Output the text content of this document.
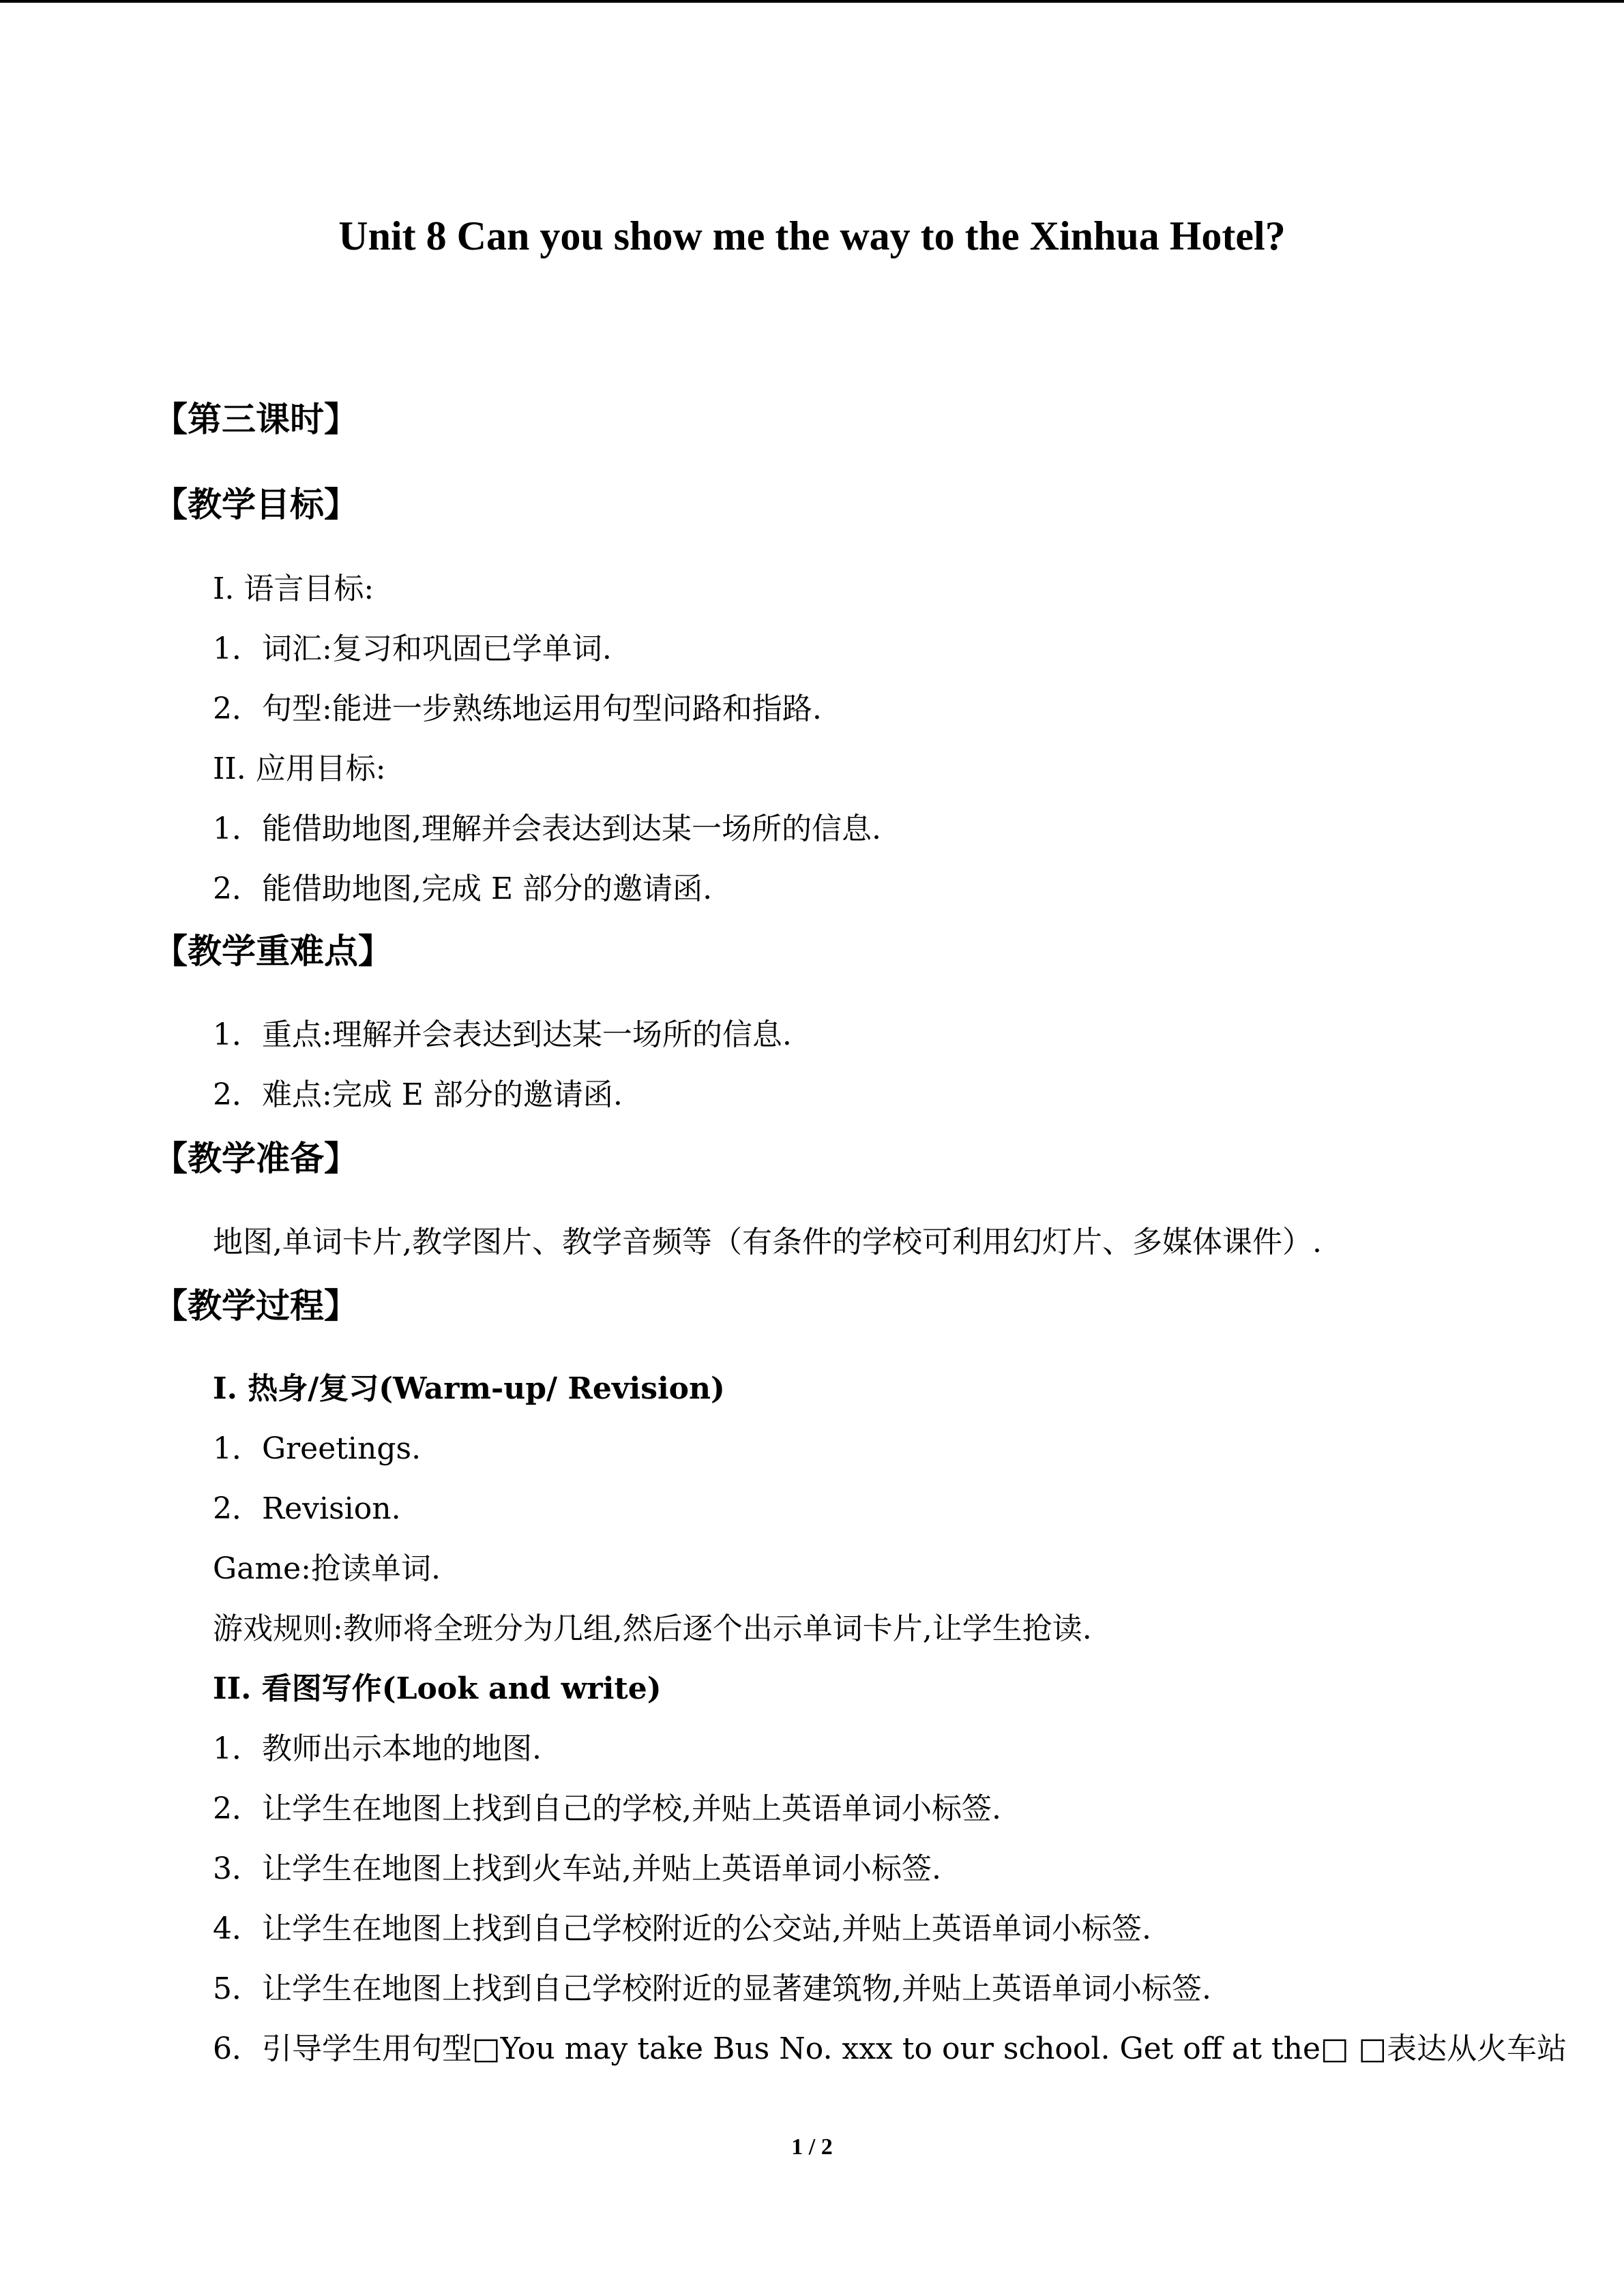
Unit 8 Can you show me the way to the Xinhua Hotel?
【第三课时】
【教学目标】
I. 语言目标:
1．词汇:复习和巩固已学单词.
2．句型:能进一步熟练地运用句型问路和指路.
II. 应用目标:
1．能借助地图,理解并会表达到达某一场所的信息.
2．能借助地图,完成 E 部分的邀请函.
【教学重难点】
1．重点:理解并会表达到达某一场所的信息.
2．难点:完成 E 部分的邀请函.
【教学准备】
地图,单词卡片,教学图片、教学音频等（有条件的学校可利用幻灯片、多媒体课件）.
【教学过程】
I. 热身/复习(Warm-up/ Revision)
1．Greetings.
2．Revision.
Game:抢读单词.
游戏规则:教师将全班分为几组,然后逐个出示单词卡片,让学生抢读.
II. 看图写作(Look and write)
1．教师出示本地的地图.
2．让学生在地图上找到自己的学校,并贴上英语单词小标签.
3．让学生在地图上找到火车站,并贴上英语单词小标签.
4．让学生在地图上找到自己学校附近的公交站,并贴上英语单词小标签.
5．让学生在地图上找到自己学校附近的显著建筑物,并贴上英语单词小标签.
6．引导学生用句型□You may take Bus No. xxx to our school. Get off at the□ □表达从火车站
1 / 2
